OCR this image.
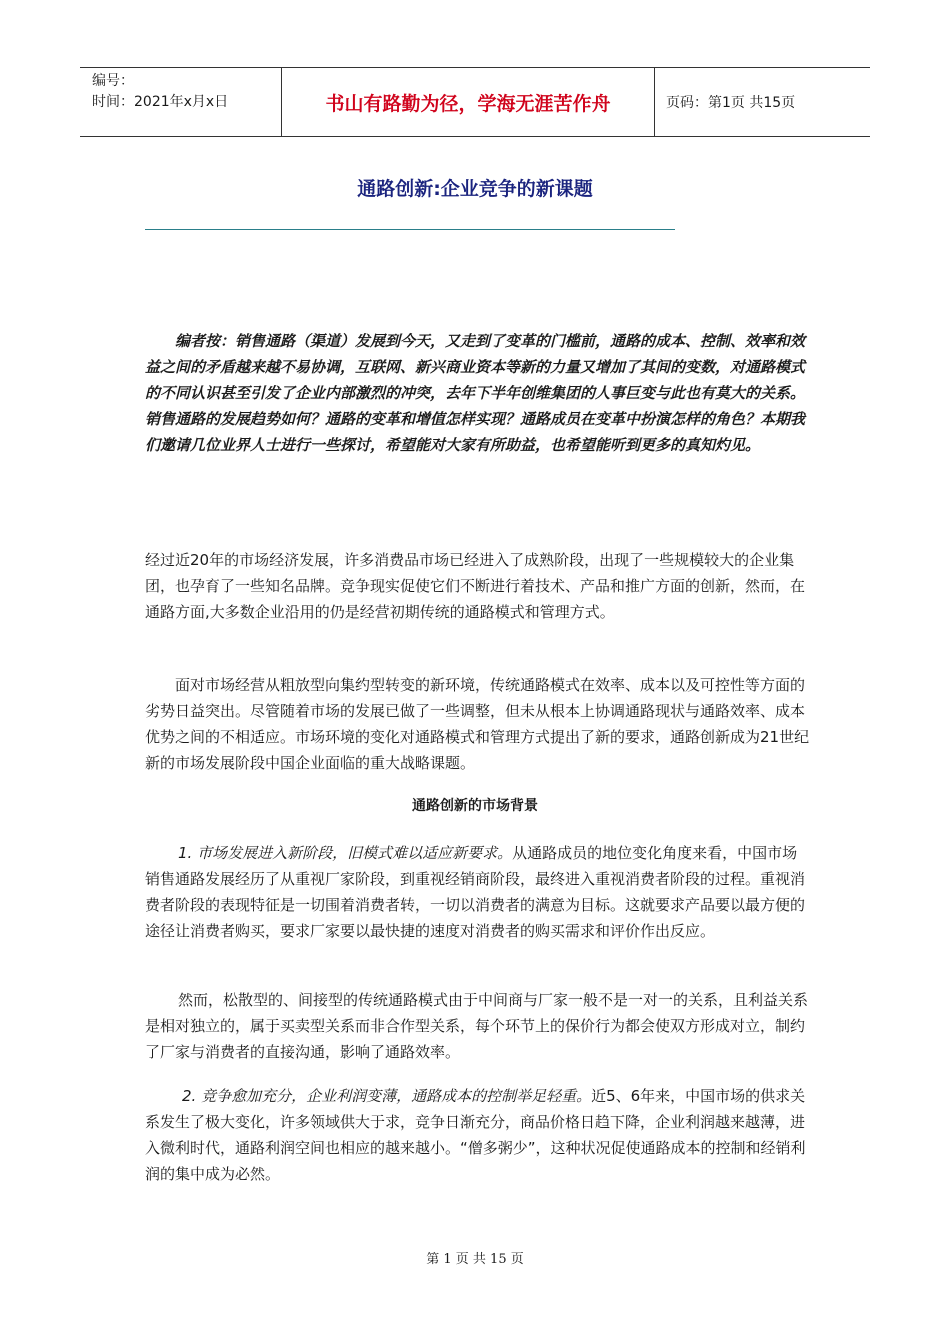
编号：
时间：2021年x月x日	书山有路勤为径，学海无涯苦作舟	页码：第1页 共15页
通路创新:企业竞争的新课题

编者按：销售通路（渠道）发展到今天，又走到了变革的门槛前，通路的成本、控制、效率和效益之间的矛盾越来越不易协调，互联网、新兴商业资本等新的力量又增加了其间的变数，对通路模式的不同认识甚至引发了企业内部激烈的冲突，去年下半年创维集团的人事巨变与此也有莫大的关系。销售通路的发展趋势如何？通路的变革和增值怎样实现？通路成员在变革中扮演怎样的角色？本期我们邀请几位业界人士进行一些探讨，希望能对大家有所助益，也希望能听到更多的真知灼见。

经过近20年的市场经济发展，许多消费品市场已经进入了成熟阶段，出现了一些规模较大的企业集团，也孕育了一些知名品牌。竞争现实促使它们不断进行着技术、产品和推广方面的创新，然而，在通路方面,大多数企业沿用的仍是经营初期传统的通路模式和管理方式。

面对市场经营从粗放型向集约型转变的新环境，传统通路模式在效率、成本以及可控性等方面的劣势日益突出。尽管随着市场的发展已做了一些调整，但未从根本上协调通路现状与通路效率、成本优势之间的不相适应。市场环境的变化对通路模式和管理方式提出了新的要求，通路创新成为21世纪新的市场发展阶段中国企业面临的重大战略课题。

通路创新的市场背景

1. 市场发展进入新阶段，旧模式难以适应新要求。从通路成员的地位变化角度来看，中国市场销售通路发展经历了从重视厂家阶段，到重视经销商阶段，最终进入重视消费者阶段的过程。重视消费者阶段的表现特征是一切围着消费者转，一切以消费者的满意为目标。这就要求产品要以最方便的途径让消费者购买，要求厂家要以最快捷的速度对消费者的购买需求和评价作出反应。

然而，松散型的、间接型的传统通路模式由于中间商与厂家一般不是一对一的关系，且利益关系是相对独立的，属于买卖型关系而非合作型关系，每个环节上的保价行为都会使双方形成对立，制约了厂家与消费者的直接沟通，影响了通路效率。

2. 竞争愈加充分，企业利润变薄，通路成本的控制举足轻重。近5、6年来，中国市场的供求关系发生了极大变化，许多领域供大于求，竞争日渐充分，商品价格日趋下降，企业利润越来越薄，进入微利时代，通路利润空间也相应的越来越小。“僧多粥少”，这种状况促使通路成本的控制和经销利润的集中成为必然。

第 1 页 共 15 页
